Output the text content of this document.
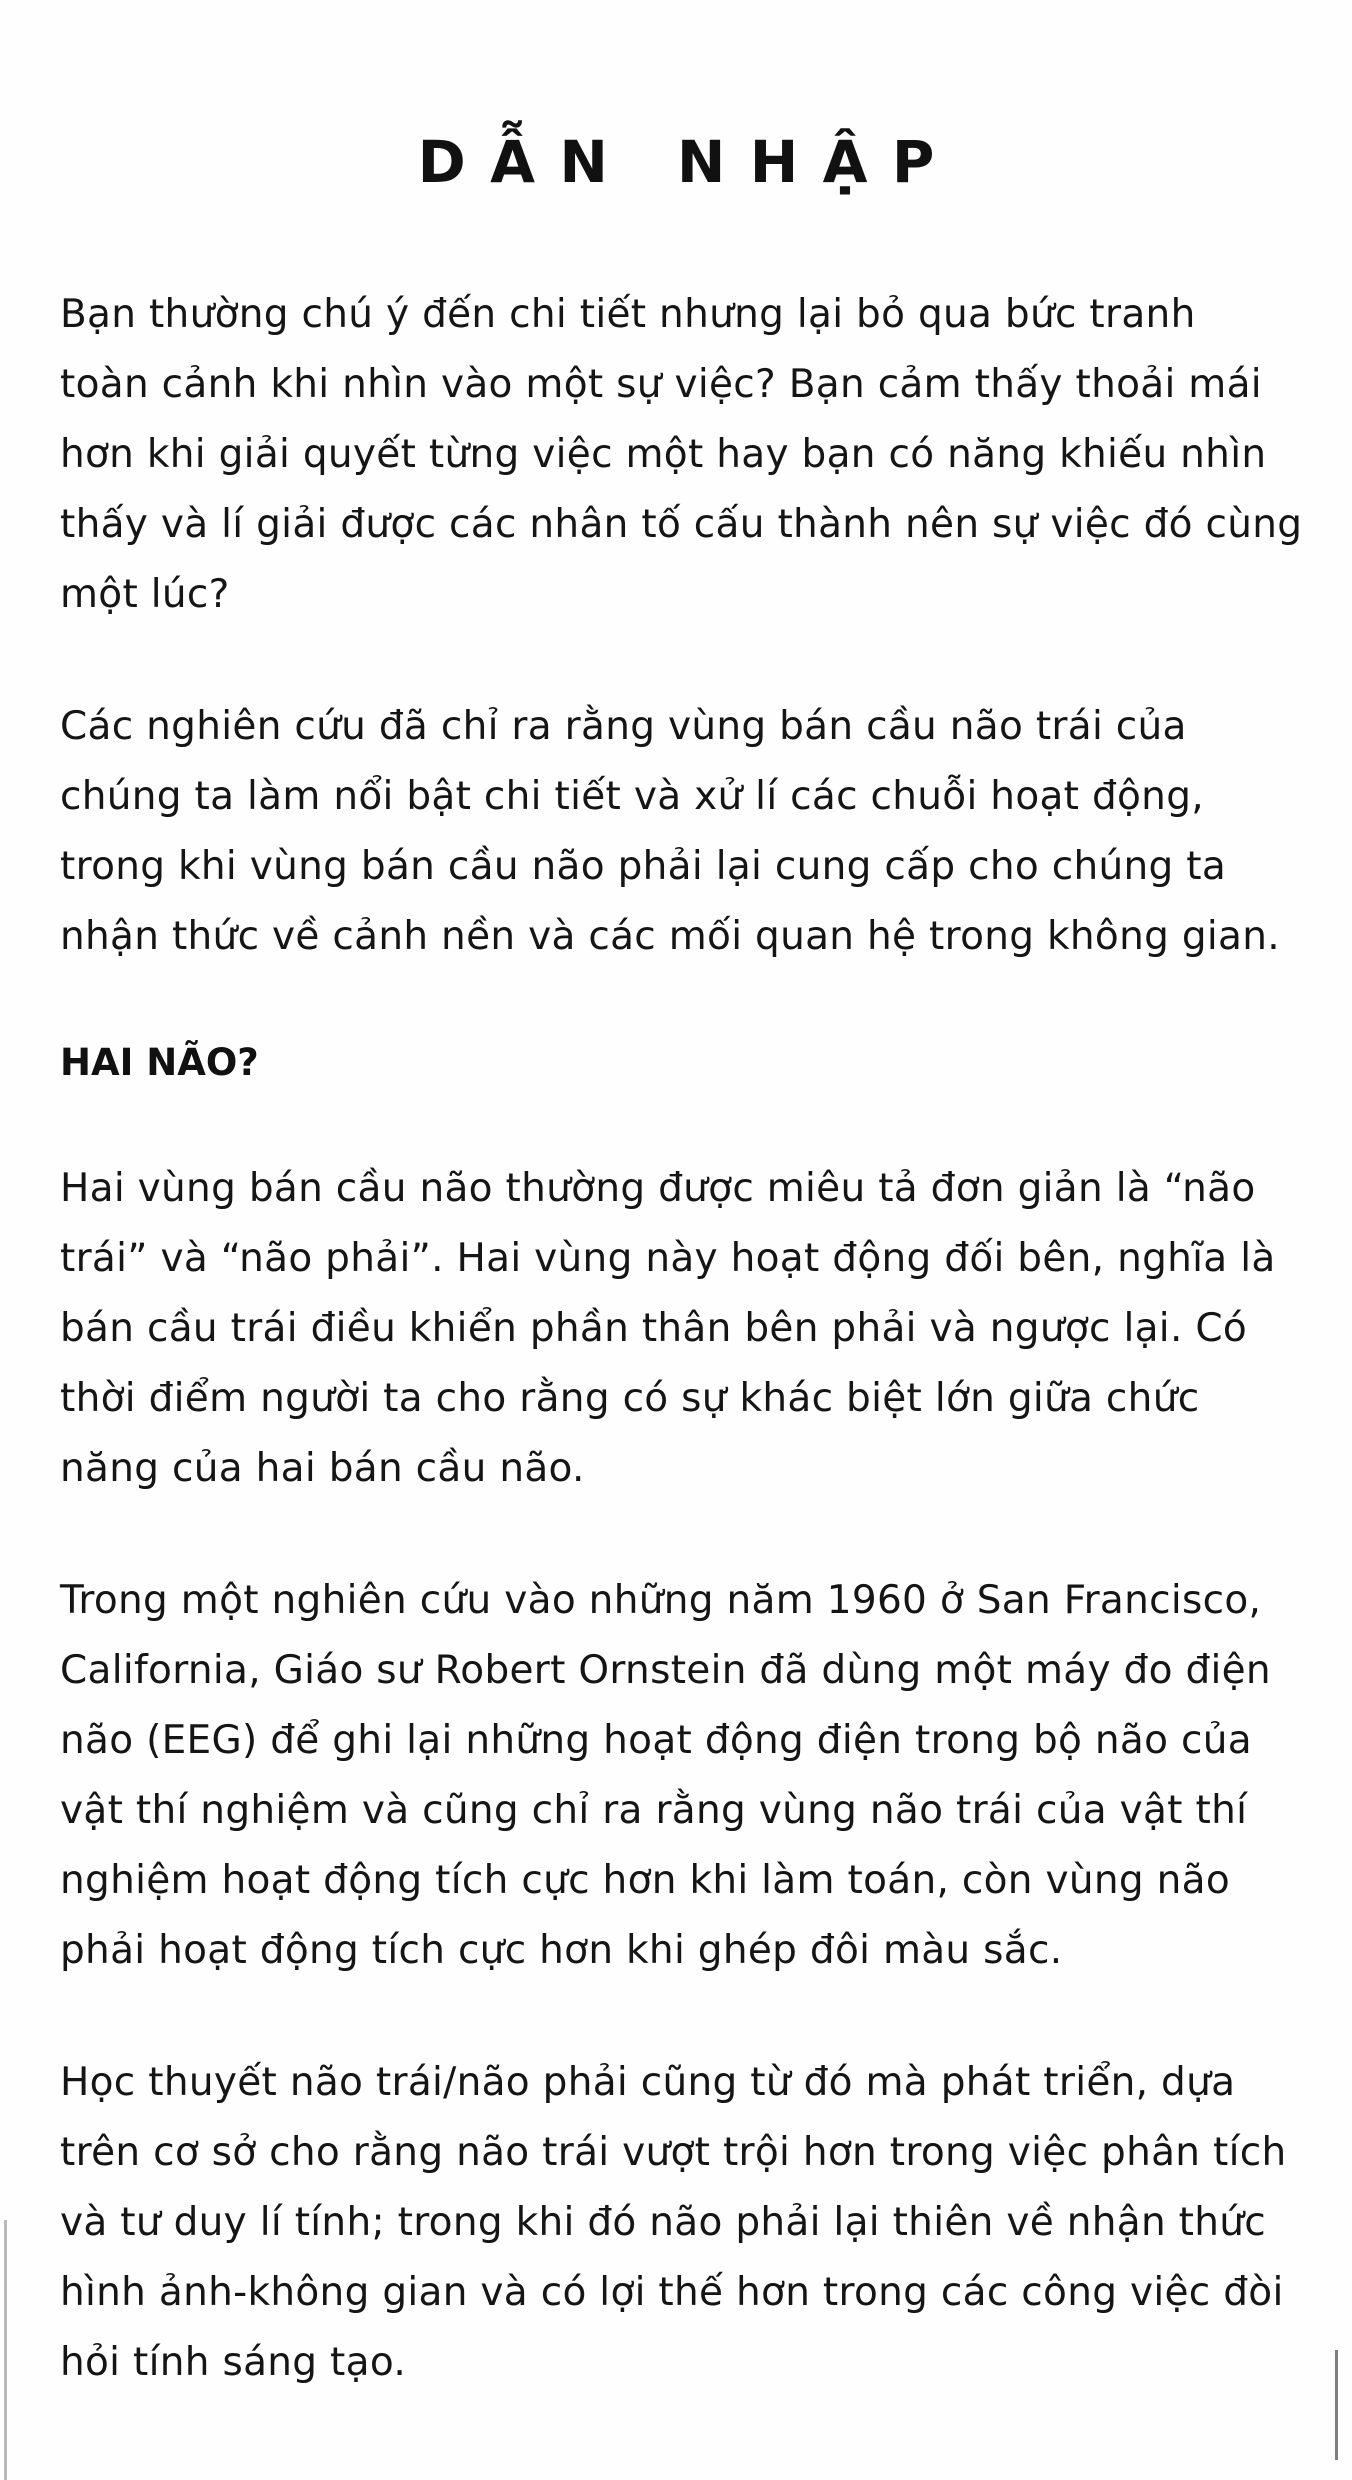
DẪN NHẬP
Bạn thường chú ý đến chi tiết nhưng lại bỏ qua bức tranh
toàn cảnh khi nhìn vào một sự việc? Bạn cảm thấy thoải mái
hơn khi giải quyết từng việc một hay bạn có năng khiếu nhìn
thấy và lí giải được các nhân tố cấu thành nên sự việc đó cùng
một lúc?
Các nghiên cứu đã chỉ ra rằng vùng bán cầu não trái của
chúng ta làm nổi bật chi tiết và xử lí các chuỗi hoạt động,
trong khi vùng bán cầu não phải lại cung cấp cho chúng ta
nhận thức về cảnh nền và các mối quan hệ trong không gian.
HAI NÃO?
Hai vùng bán cầu não thường được miêu tả đơn giản là “não
trái” và “não phải”. Hai vùng này hoạt động đối bên, nghĩa là
bán cầu trái điều khiển phần thân bên phải và ngược lại. Có
thời điểm người ta cho rằng có sự khác biệt lớn giữa chức
năng của hai bán cầu não.
Trong một nghiên cứu vào những năm 1960 ở San Francisco,
California, Giáo sư Robert Ornstein đã dùng một máy đo điện
não (EEG) để ghi lại những hoạt động điện trong bộ não của
vật thí nghiệm và cũng chỉ ra rằng vùng não trái của vật thí
nghiệm hoạt động tích cực hơn khi làm toán, còn vùng não
phải hoạt động tích cực hơn khi ghép đôi màu sắc.
Học thuyết não trái/não phải cũng từ đó mà phát triển, dựa
trên cơ sở cho rằng não trái vượt trội hơn trong việc phân tích
và tư duy lí tính; trong khi đó não phải lại thiên về nhận thức
hình ảnh-không gian và có lợi thế hơn trong các công việc đòi
hỏi tính sáng tạo.
